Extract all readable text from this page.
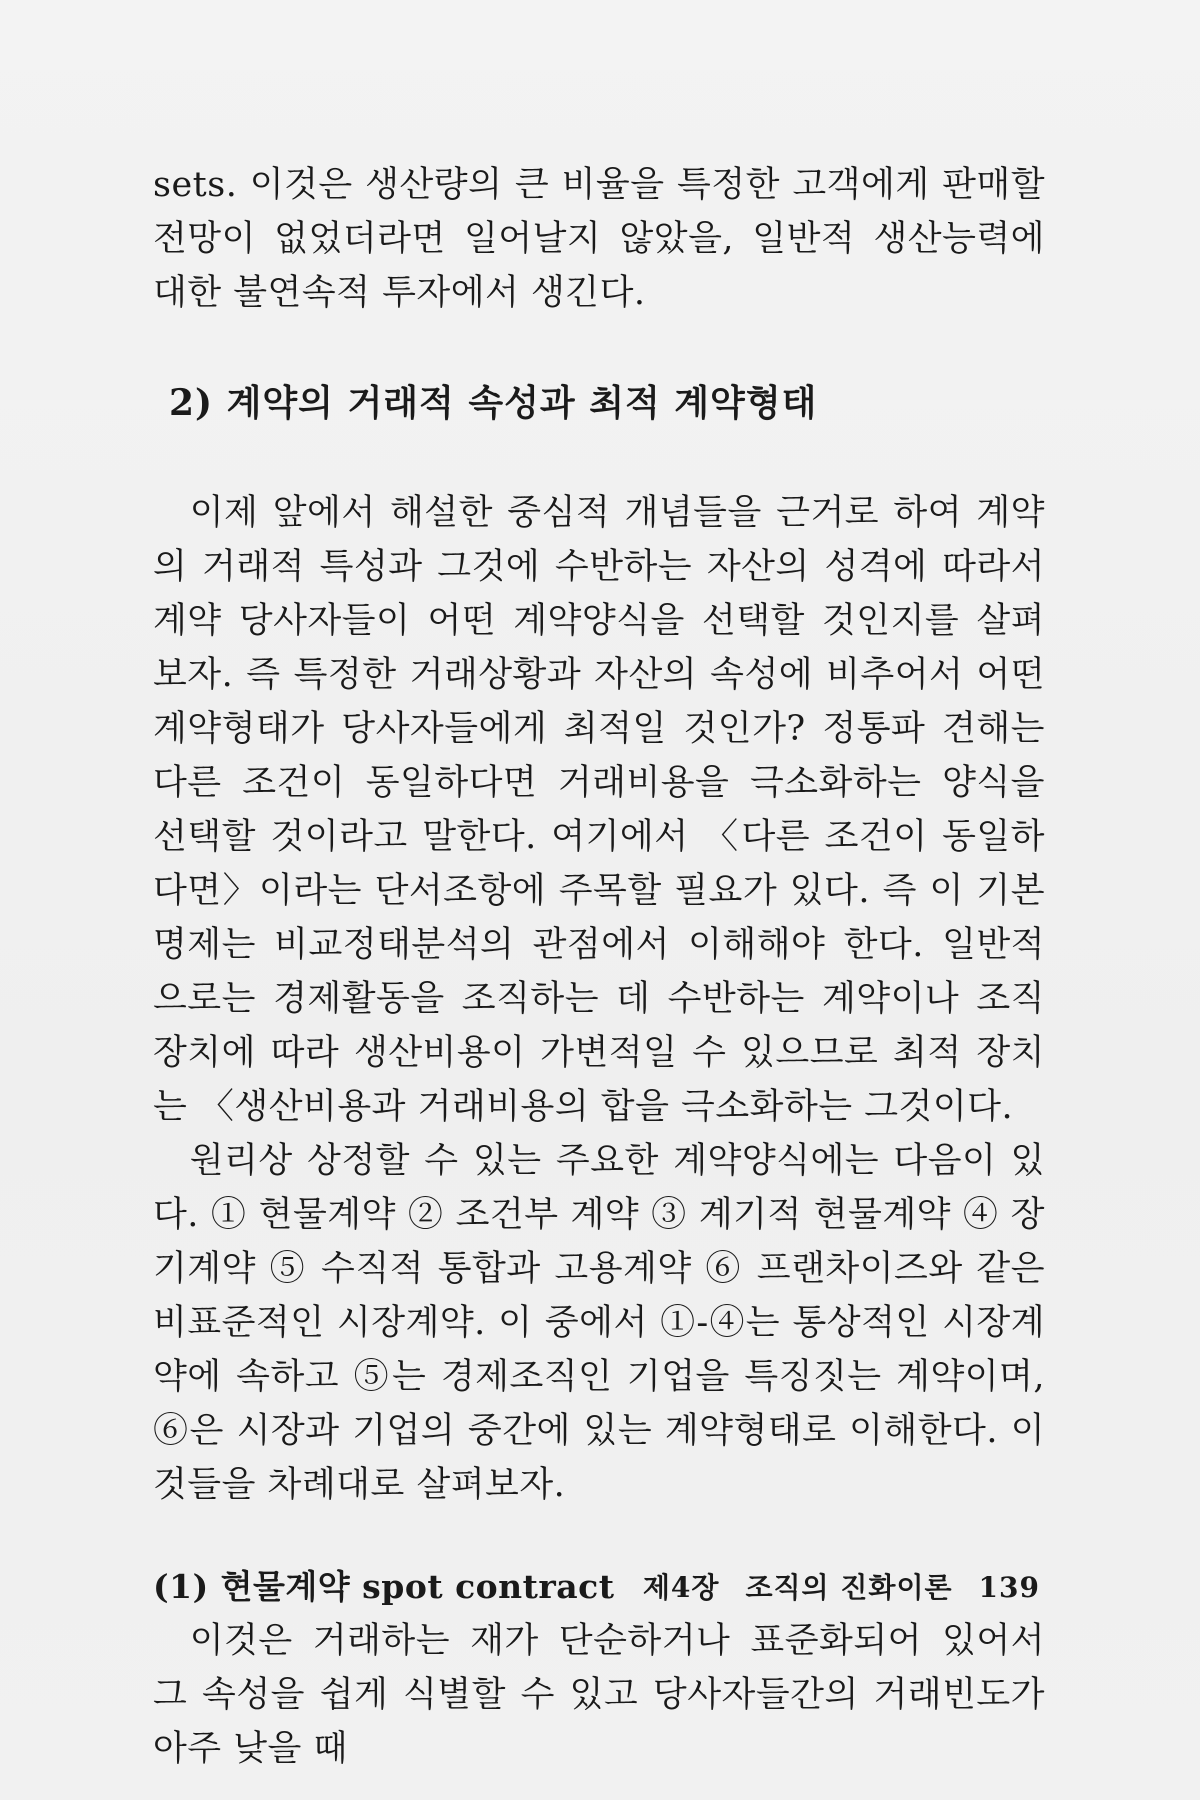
sets. 이것은 생산량의 큰 비율을 특정한 고객에게 판매할 전망이 없었더라면 일어날지 않았을, 일반적 생산능력에 대한 불연속적 투자에서 생긴다.

2) 계약의 거래적 속성과 최적 계약형태

이제 앞에서 해설한 중심적 개념들을 근거로 하여 계약의 거래적 특성과 그것에 수반하는 자산의 성격에 따라서 계약 당사자들이 어떤 계약양식을 선택할 것인지를 살펴보자. 즉 특정한 거래상황과 자산의 속성에 비추어서 어떤 계약형태가 당사자들에게 최적일 것인가? 정통파 견해는 다른 조건이 동일하다면 거래비용을 극소화하는 양식을 선택할 것이라고 말한다. 여기에서 〈다른 조건이 동일하다면〉이라는 단서조항에 주목할 필요가 있다. 즉 이 기본명제는 비교정태분석의 관점에서 이해해야 한다. 일반적으로는 경제활동을 조직하는 데 수반하는 계약이나 조직장치에 따라 생산비용이 가변적일 수 있으므로 최적 장치는 〈생산비용과 거래비용의 합을 극소화하는 그것이다.

원리상 상정할 수 있는 주요한 계약양식에는 다음이 있다. ① 현물계약 ② 조건부 계약 ③ 계기적 현물계약 ④ 장기계약 ⑤ 수직적 통합과 고용계약 ⑥ 프랜차이즈와 같은 비표준적인 시장계약. 이 중에서 ①-④는 통상적인 시장계약에 속하고 ⑤는 경제조직인 기업을 특징짓는 계약이며, ⑥은 시장과 기업의 중간에 있는 계약형태로 이해한다. 이것들을 차례대로 살펴보자.

(1) 현물계약 spot contract

이것은 거래하는 재가 단순하거나 표준화되어 있어서 그 속성을 쉽게 식별할 수 있고 당사자들간의 거래빈도가 아주 낮을 때

제4장 조직의 진화이론 139
